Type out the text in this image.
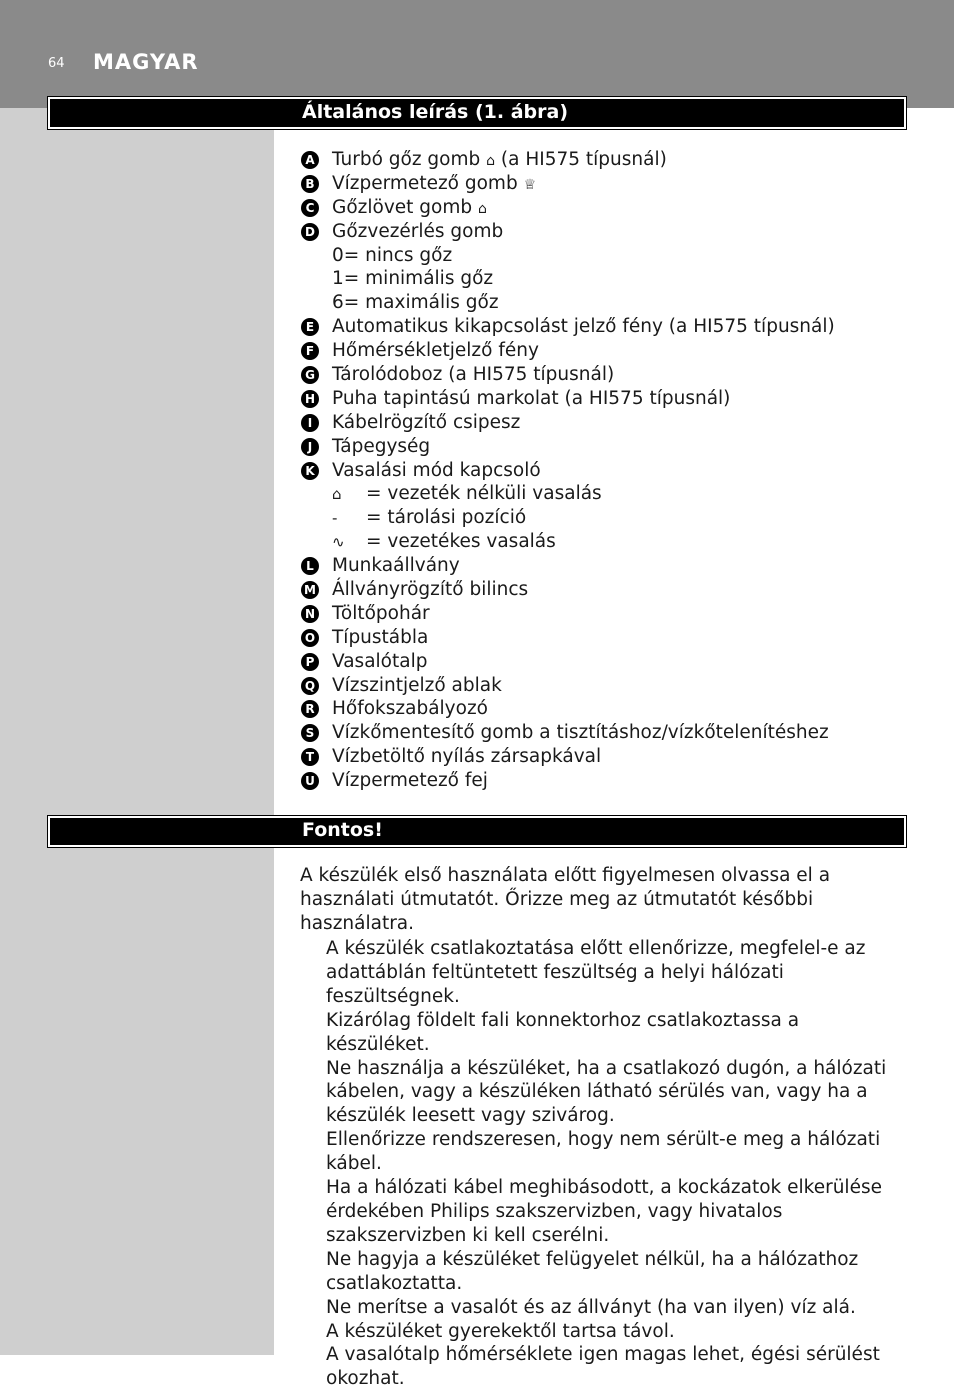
64 MAGYAR
Általános leírás (1. ábra)
A Turbó gőz gomb ⌂ (a HI575 típusnál)
B Vízpermetező gomb ♕
C Gőzlövet gomb ⌂
D Gőzvezérlés gomb
0= nincs gőz
1= minimális gőz
6= maximális gőz
E Automatikus kikapcsolást jelző fény (a HI575 típusnál)
F Hőmérsékletjelző fény
G Tárolódoboz (a HI575 típusnál)
H Puha tapintású markolat (a HI575 típusnál)
I	Kábelrögzítő csipesz
J	Tápegység
K Vasalási mód kapcsoló
⌂ = vezeték nélküli vasalás
- = tárolási pozíció
∿ = vezetékes vasalás
L Munkaállvány
M Állványrögzítő bilincs
N Töltőpohár
O Típustábla
P Vasalótalp
Q Vízszintjelző ablak
R Hőfokszabályozó
S Vízkőmentesítő gomb a tisztításhoz/vízkőtelenítéshez
T Vízbetöltő nyílás zársapkával
U Vízpermetező fej
Fontos!

A készülék első használata előtt figyelmesen olvassa el a használati útmutatót. Őrizze meg az útmutatót későbbi használatra.

A készülék csatlakoztatása előtt ellenőrizze, megfelel-e az adattáblán feltüntetett feszültség a helyi hálózati feszültségnek.
Kizárólag földelt fali konnektorhoz csatlakoztassa a készüléket.
Ne használja a készüléket, ha a csatlakozó dugón, a hálózati kábelen, vagy a készüléken látható sérülés van, vagy ha a készülék leesett vagy szivárog.
Ellenőrizze rendszeresen, hogy nem sérült-e meg a hálózati kábel.
Ha a hálózati kábel meghibásodott, a kockázatok elkerülése érdekében Philips szakszervizben, vagy hivatalos szakszervizben ki kell cserélni.
Ne hagyja a készüléket felügyelet nélkül, ha a hálózathoz csatlakoztatta.
Ne merítse a vasalót és az állványt (ha van ilyen) víz alá.
A készüléket gyerekektől tartsa távol.
A vasalótalp hőmérséklete igen magas lehet, égési sérülést okozhat.
